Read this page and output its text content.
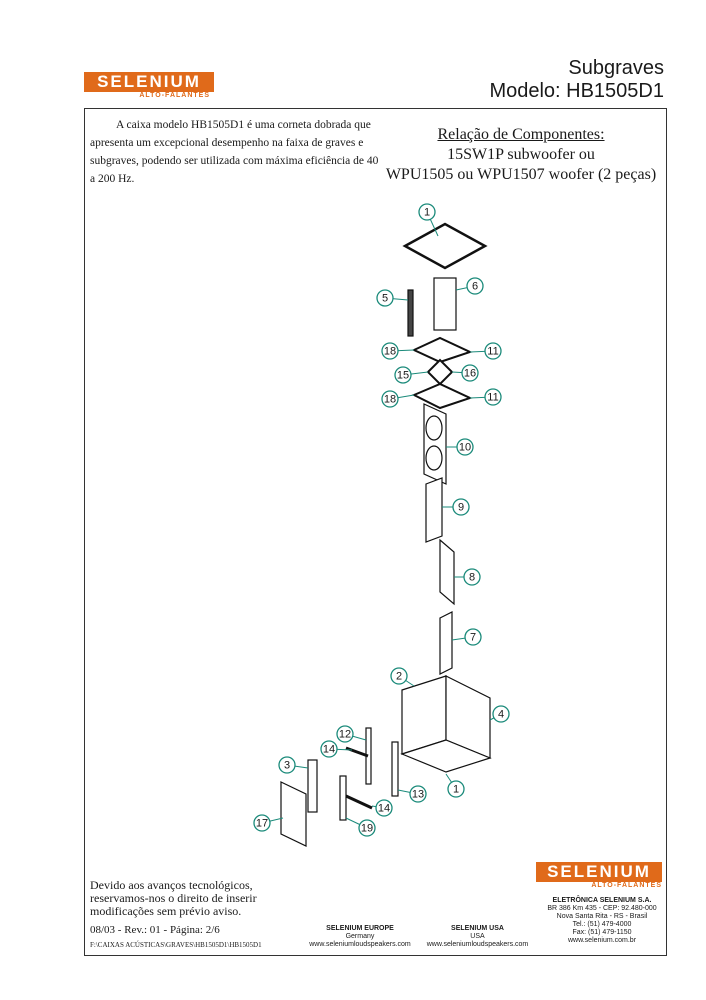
SELENIUM
ALTO-FALANTES
Subgraves
Modelo: HB1505D1
A caixa modelo HB1505D1 é uma corneta dobrada que apresenta um excepcional desempenho na faixa de graves e subgraves, podendo ser utilizada com máxima eficiência de 40 a 200 Hz.
Relação de Componentes:
15SW1P subwoofer ou
WPU1505 ou WPU1507 woofer (2 peças)
1
6
5
18	11
15	16
18	11
10
9
8
7
2
4
12
14
3
13	1
14
17	19
Devido aos avanços tecnológicos, reservamos-nos o direito de inserir modificações sem prévio aviso.
08/03 - Rev.: 01 - Página: 2/6
F:\CAIXAS ACÚSTICAS\GRAVES\HB1505D1\HB1505D1
SELENIUM EUROPE
Germany
www.seleniumloudspeakers.com
SELENIUM USA
USA
www.seleniumloudspeakers.com
SELENIUM
ALTO-FALANTES
ELETRÔNICA SELENIUM S.A.
BR 386 Km 435 - CEP: 92.480-000
Nova Santa Rita - RS - Brasil
Tel.: (51) 479-4000
Fax: (51) 479-1150
www.selenium.com.br
